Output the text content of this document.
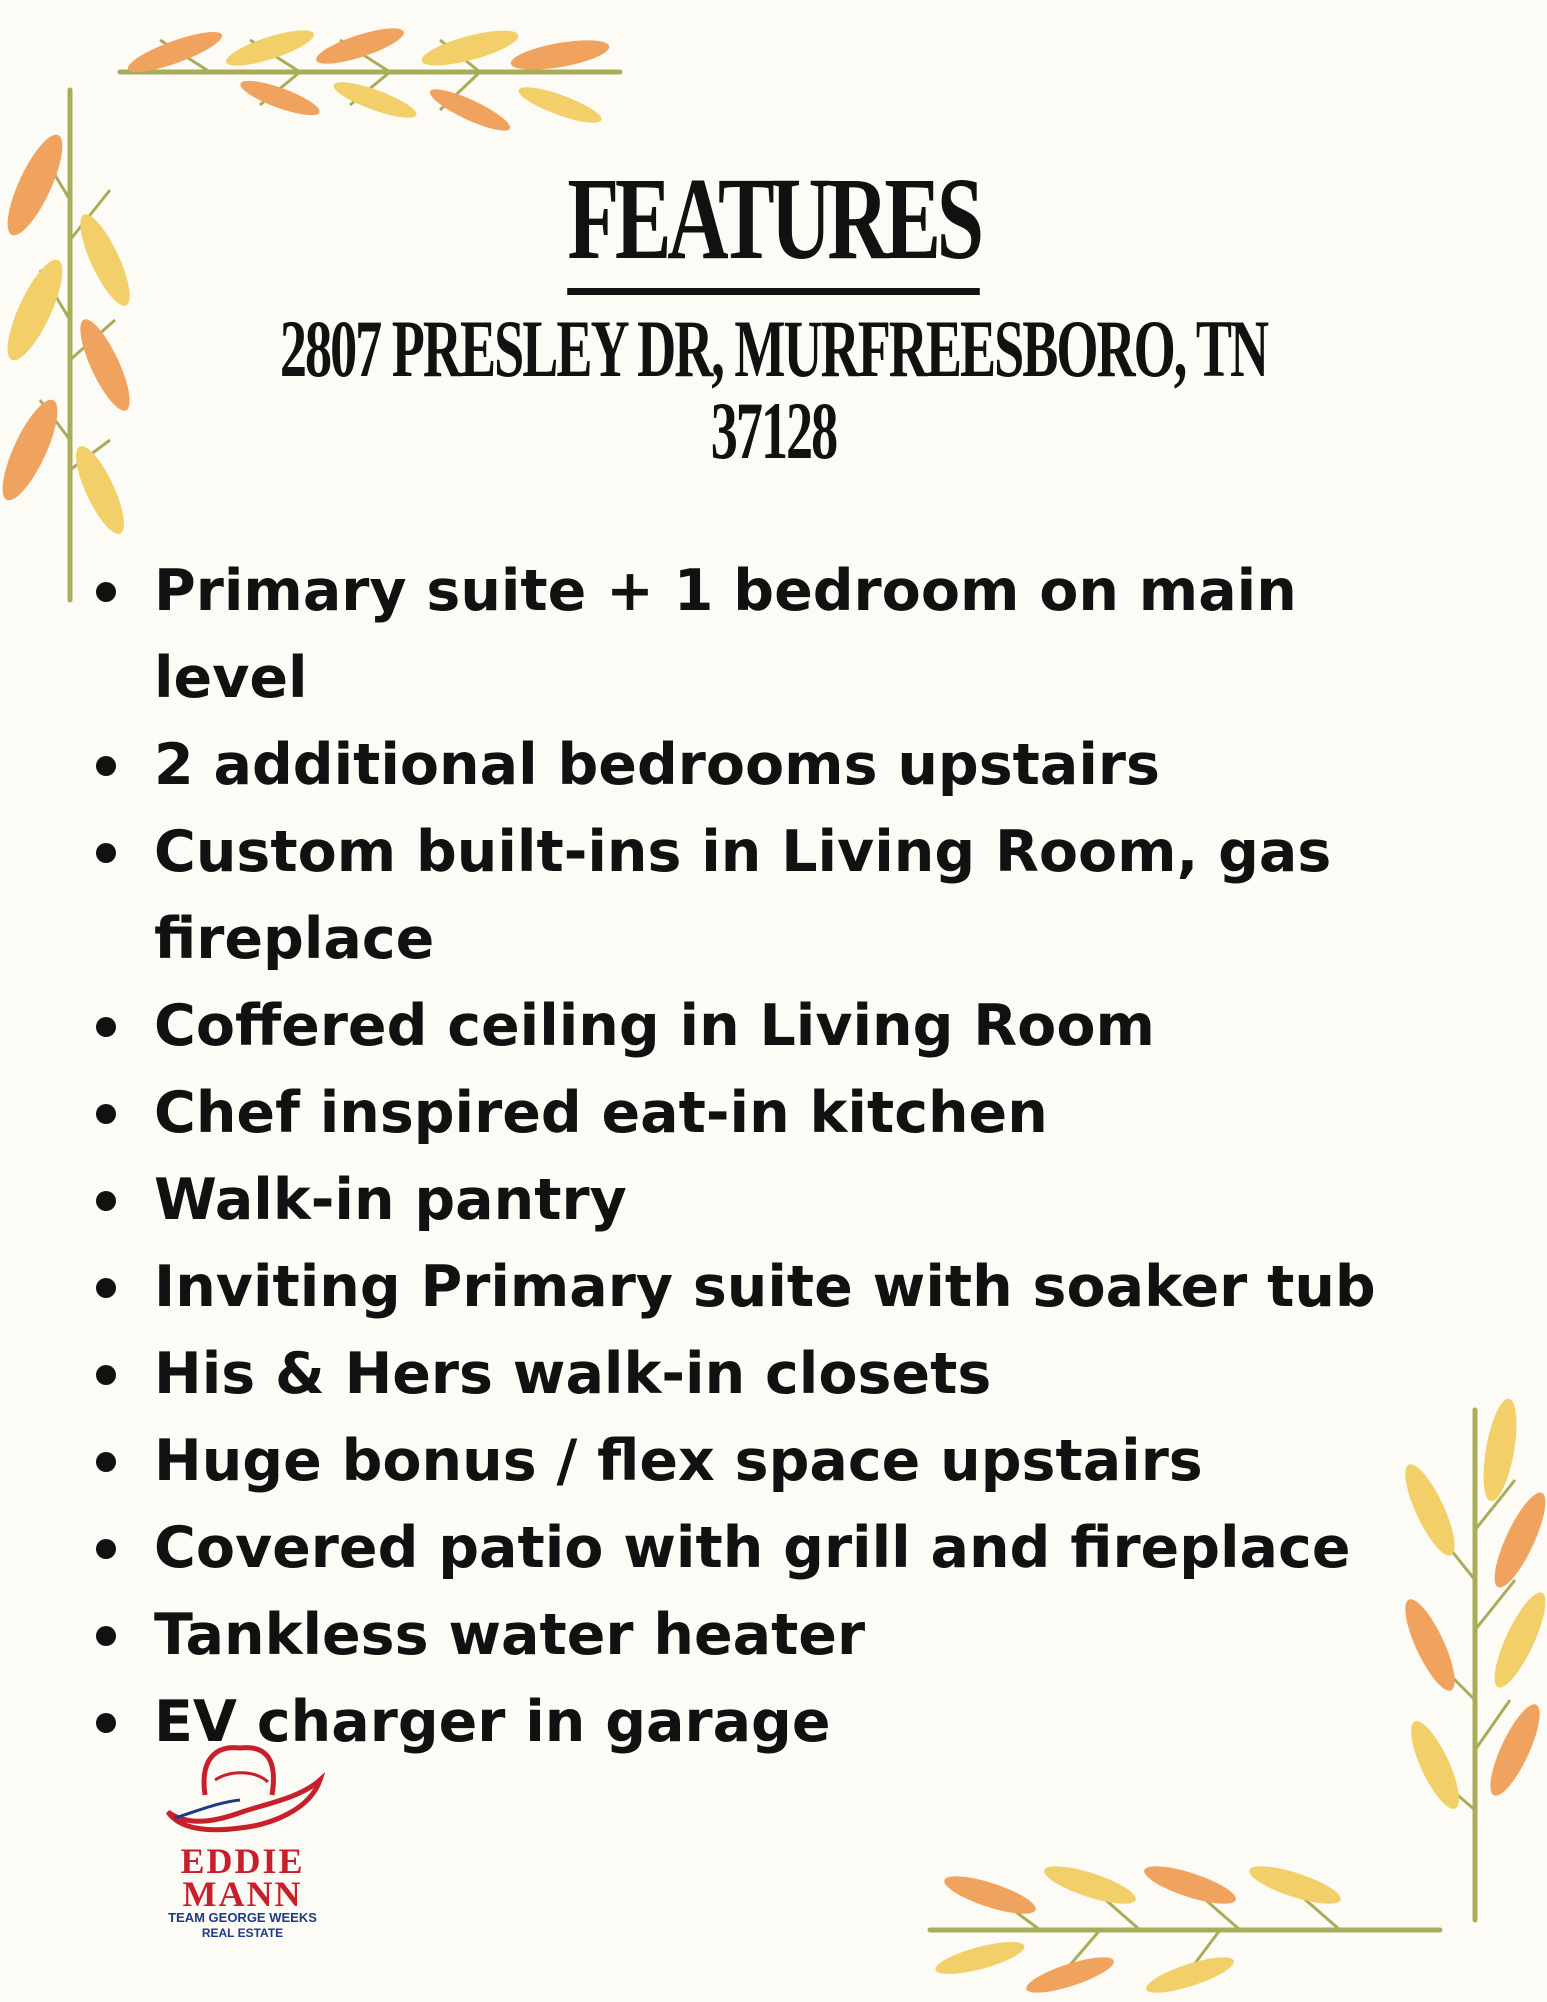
FEATURES
2807 PRESLEY DR, MURFREESBORO, TN 37128
Primary suite + 1 bedroom on main level
2 additional bedrooms upstairs
Custom built-ins in Living Room, gas fireplace
Coffered ceiling in Living Room
Chef inspired eat-in kitchen
Walk-in pantry
Inviting Primary suite with soaker tub
His & Hers walk-in closets
Huge bonus / flex space upstairs
Covered patio with grill and fireplace
Tankless water heater
EV charger in garage
EDDIE
MANN
TEAM GEORGE WEEKS
REAL ESTATE
